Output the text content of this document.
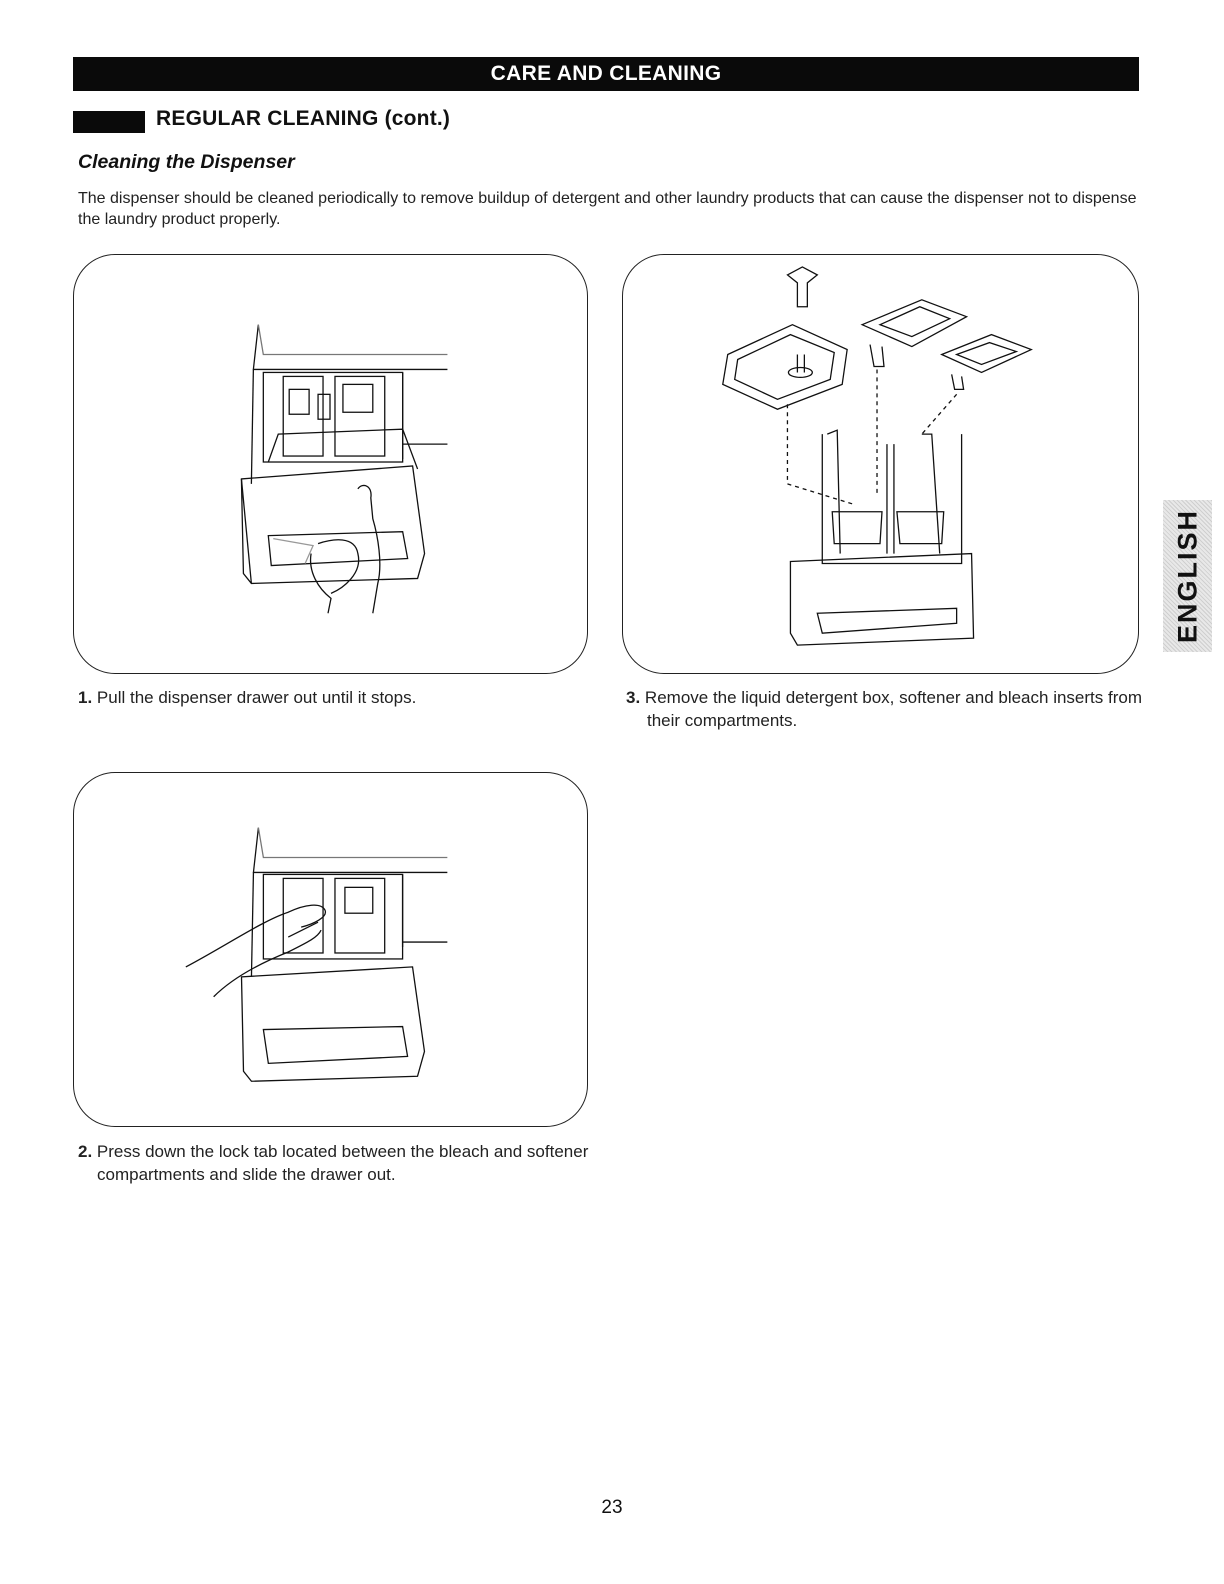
CARE AND CLEANING
REGULAR CLEANING (cont.)
Cleaning the Dispenser
The dispenser should be cleaned periodically to remove buildup of detergent and other laundry products that can cause the dispenser not to dispense the laundry product properly.
1. Pull the dispenser drawer out until it stops.	3. Remove the liquid detergent box, softener and bleach inserts from their compartments.
2. Press down the lock tab located between the bleach and softener compartments and slide the drawer out.
ENGLISH
23
